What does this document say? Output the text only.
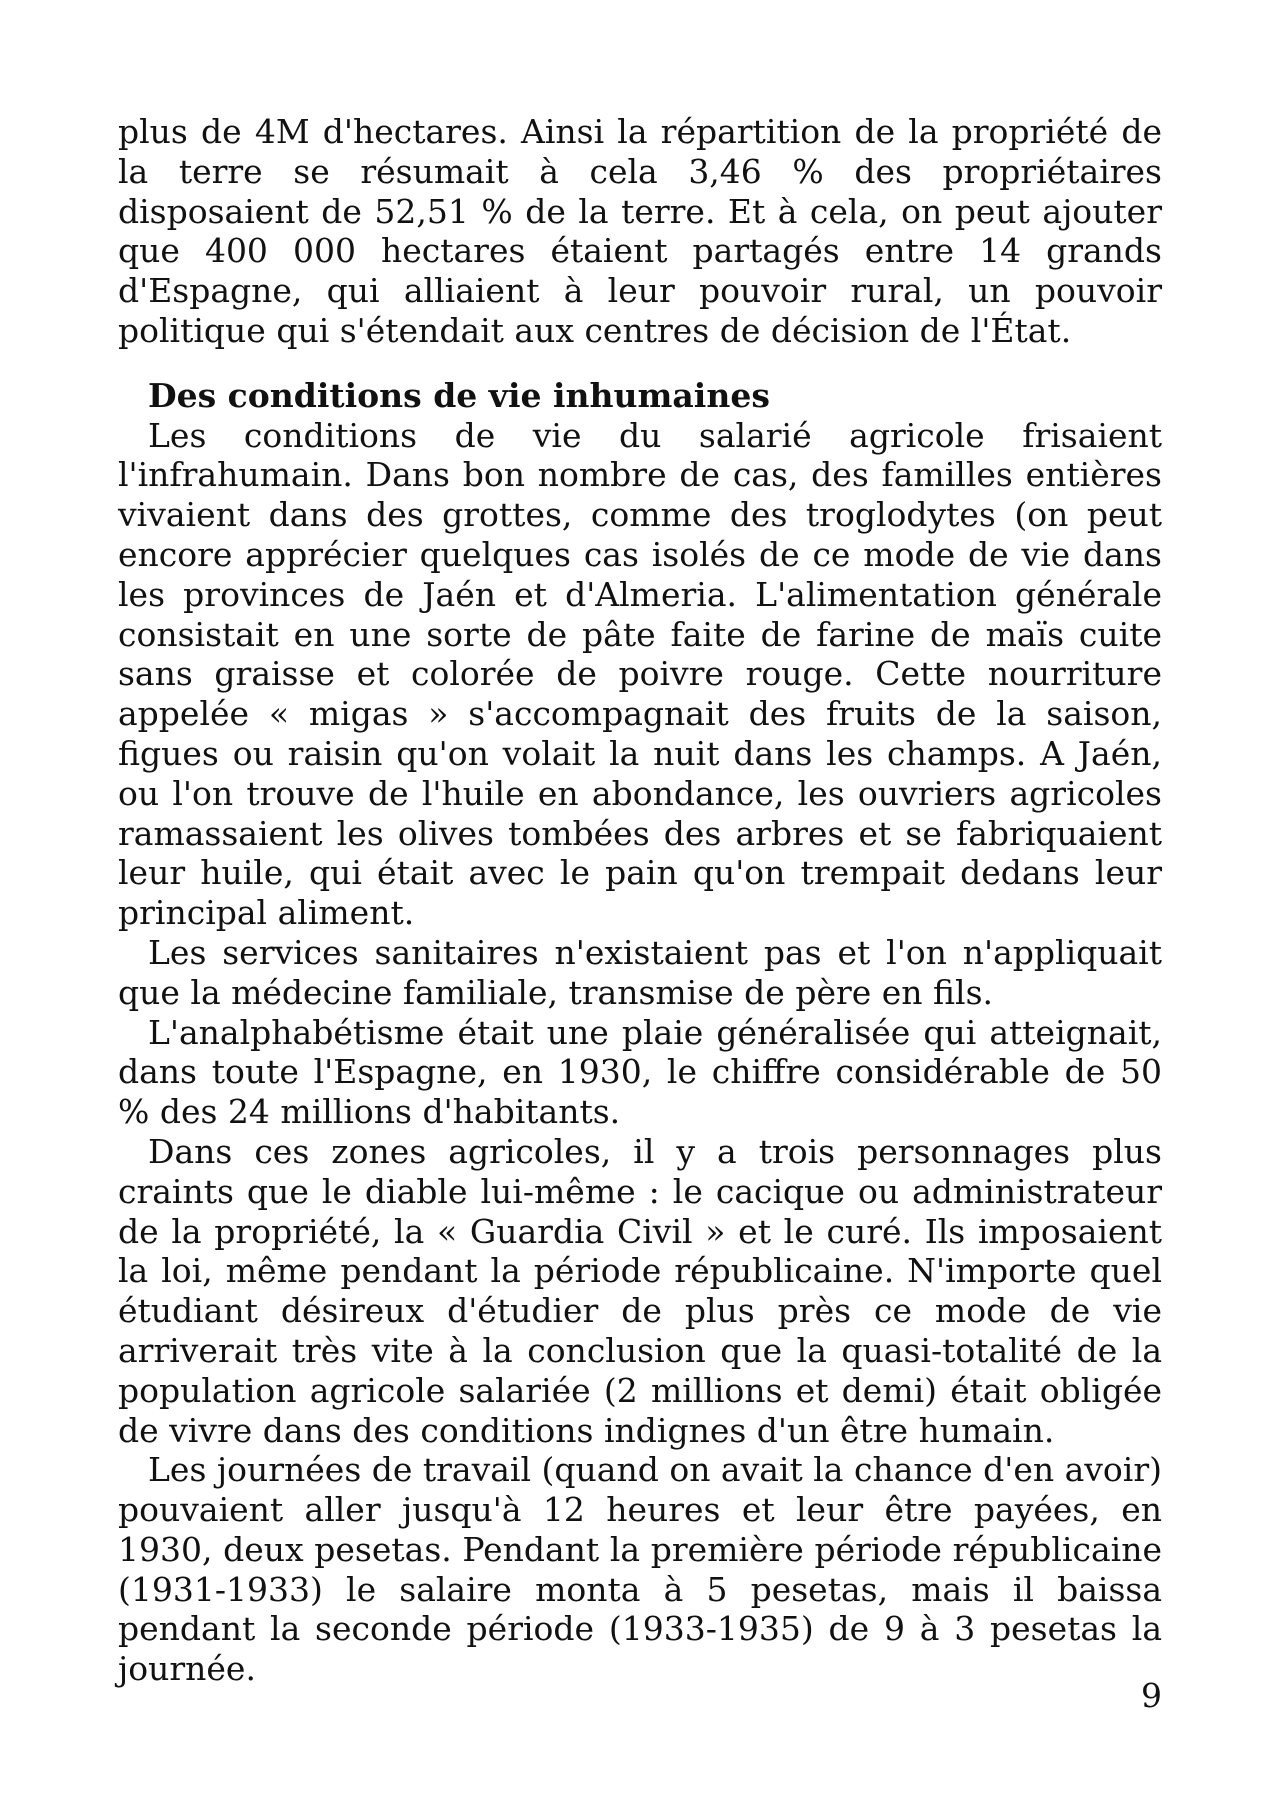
plus de 4M d'hectares. Ainsi la répartition de la propriété de la terre se résumait à cela 3,46 % des propriétaires disposaient de 52,51 % de la terre. Et à cela, on peut ajouter que 400 000 hectares étaient partagés entre 14 grands d'Espagne, qui alliaient à leur pouvoir rural, un pouvoir politique qui s'étendait aux centres de décision de l'État.

Des conditions de vie inhumaines

Les conditions de vie du salarié agricole frisaient l'infrahumain. Dans bon nombre de cas, des familles entières vivaient dans des grottes, comme des troglodytes (on peut encore apprécier quelques cas isolés de ce mode de vie dans les provinces de Jaén et d'Almeria. L'alimentation générale consistait en une sorte de pâte faite de farine de maïs cuite sans graisse et colorée de poivre rouge. Cette nourriture appelée « migas » s'accompagnait des fruits de la saison, figues ou raisin qu'on volait la nuit dans les champs. A Jaén, ou l'on trouve de l'huile en abondance, les ouvriers agricoles ramassaient les olives tombées des arbres et se fabriquaient leur huile, qui était avec le pain qu'on trempait dedans leur principal aliment.

Les services sanitaires n'existaient pas et l'on n'appliquait que la médecine familiale, transmise de père en fils.

L'analphabétisme était une plaie généralisée qui atteignait, dans toute l'Espagne, en 1930, le chiffre considérable de 50 % des 24 millions d'habitants.

Dans ces zones agricoles, il y a trois personnages plus craints que le diable lui-même : le cacique ou administrateur de la propriété, la « Guardia Civil » et le curé. Ils imposaient la loi, même pendant la période républicaine. N'importe quel étudiant désireux d'étudier de plus près ce mode de vie arriverait très vite à la conclusion que la quasi-totalité de la population agricole salariée (2 millions et demi) était obligée de vivre dans des conditions indignes d'un être humain.

Les journées de travail (quand on avait la chance d'en avoir) pouvaient aller jusqu'à 12 heures et leur être payées, en 1930, deux pesetas. Pendant la première période républicaine (1931-1933) le salaire monta à 5 pesetas, mais il baissa pendant la seconde période (1933-1935) de 9 à 3 pesetas la journée.

9
